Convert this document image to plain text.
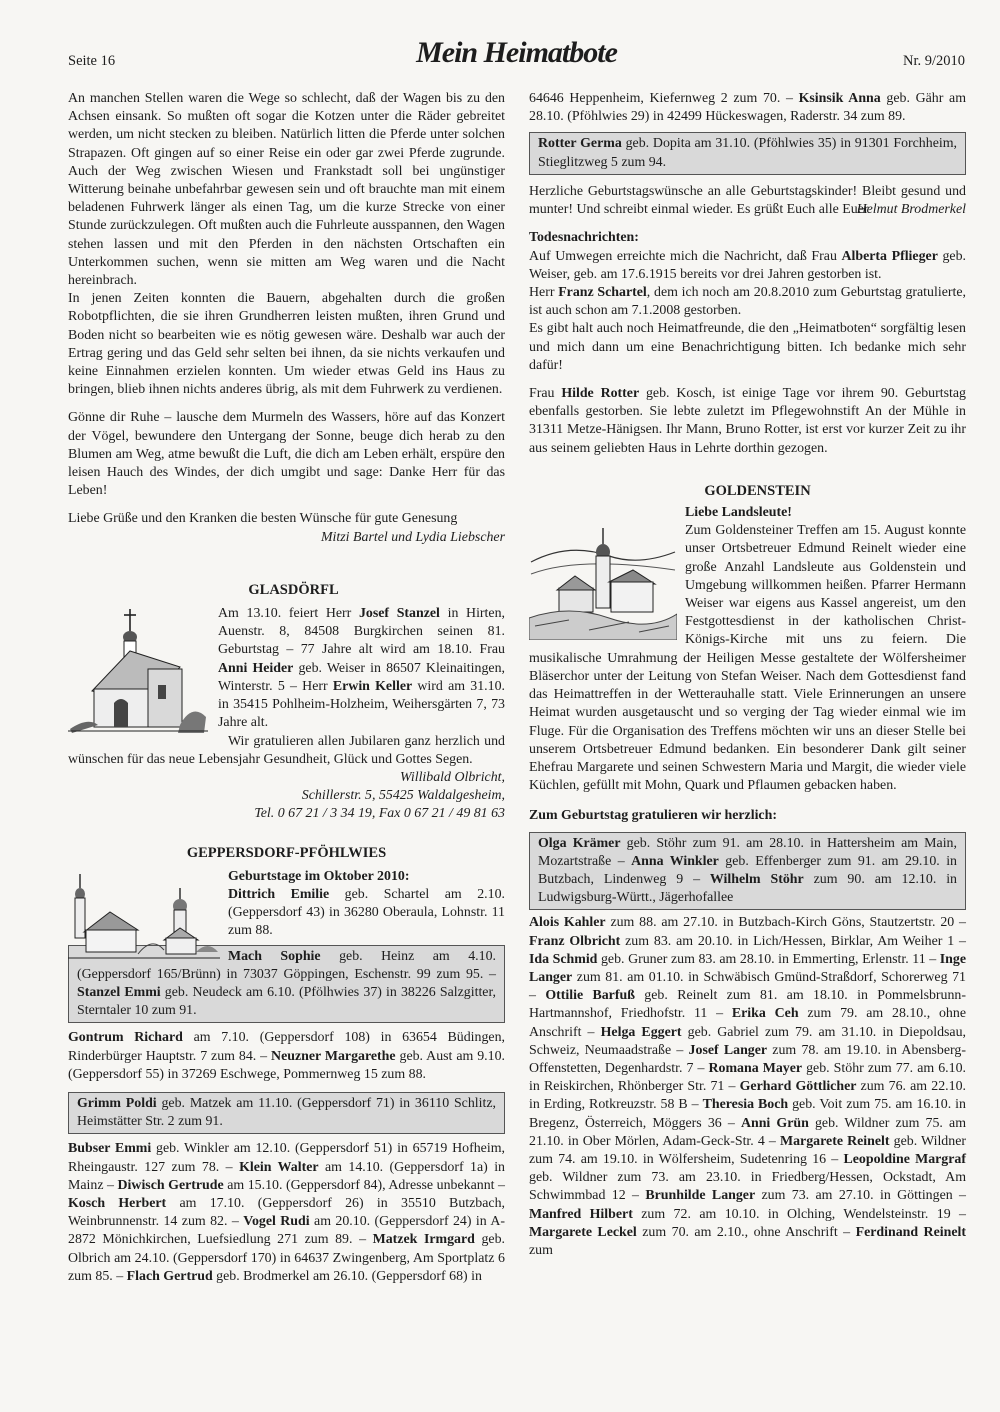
Seite 16	Mein Heimatbote	Nr. 9/2010

An manchen Stellen waren die Wege so schlecht, daß der Wagen bis zu den Achsen einsank. So mußten oft sogar die Kotzen unter die Räder gebreitet werden, um nicht stecken zu bleiben. Natürlich litten die Pferde unter solchen Strapazen. Oft gingen auf so einer Reise ein oder gar zwei Pferde zugrunde. Auch der Weg zwischen Wiesen und Frankstadt soll bei ungünstiger Witterung beinahe unbefahrbar gewesen sein und oft brauchte man mit einem beladenen Fuhrwerk länger als einen Tag, um die kurze Strecke von einer Stunde zurückzulegen. Oft mußten auch die Fuhrleute ausspannen, den Wagen stehen lassen und mit den Pferden in den nächsten Ortschaften ein Unterkommen suchen, wenn sie mitten am Weg waren und die Nacht hereinbrach.

In jenen Zeiten konnten die Bauern, abgehalten durch die großen Robotpflichten, die sie ihren Grundherren leisten mußten, ihren Grund und Boden nicht so bearbeiten wie es nötig gewesen wäre. Deshalb war auch der Ertrag gering und das Geld sehr selten bei ihnen, da sie nichts verkaufen und keine Einnahmen erzielen konnten. Um wieder etwas Geld ins Haus zu bringen, blieb ihnen nichts anderes übrig, als mit dem Fuhrwerk zu verdienen.

Gönne dir Ruhe – lausche dem Murmeln des Wassers, höre auf das Konzert der Vögel, bewundere den Untergang der Sonne, beuge dich herab zu den Blumen am Weg, atme bewußt die Luft, die dich am Leben erhält, erspüre den leisen Hauch des Windes, der dich umgibt und sage: Danke Herr für das Leben!

Liebe Grüße und den Kranken die besten Wünsche für gute Genesung

Mitzi Bartel und Lydia Liebscher

GLASDÖRFL

Am 13.10. feiert Herr Josef Stanzel in Hirten, Auenstr. 8, 84508 Burgkirchen seinen 81. Geburtstag – 77 Jahre alt wird am 18.10. Frau Anni Heider geb. Weiser in 86507 Kleinaitingen, Winterstr. 5 – Herr Erwin Keller wird am 31.10. in 35415 Pohlheim-Holzheim, Weihersgärten 7, 73 Jahre alt.

Wir gratulieren allen Jubilaren ganz herzlich und wünschen für das neue Lebensjahr Gesundheit, Glück und Gottes Segen.

Willibald Olbricht,

Schillerstr. 5, 55425 Waldalgesheim,

Tel. 0 67 21 / 3 34 19, Fax 0 67 21 / 49 81 63

GEPPERSDORF-PFÖHLWIES

Geburtstage im Oktober 2010:

Dittrich Emilie geb. Schartel am 2.10. (Geppersdorf 43) in 36280 Oberaula, Lohnstr. 11 zum 88.

Mach Sophie geb. Heinz am 4.10. (Geppersdorf 165/Brünn) in 73037 Göppingen, Eschenstr. 99 zum 95. – Stanzel Emmi geb. Neudeck am 6.10. (Pfölhwies 37) in 38226 Salzgitter, Sterntaler 10 zum 91.

Gontrum Richard am 7.10. (Geppersdorf 108) in 63654 Büdingen, Rinderbürger Hauptstr. 7 zum 84. – Neuzner Margarethe geb. Aust am 9.10. (Geppersdorf 55) in 37269 Eschwege, Pommernweg 15 zum 88.

Grimm Poldi geb. Matzek am 11.10. (Geppersdorf 71) in 36110 Schlitz, Heimstätter Str. 2 zum 91.

Bubser Emmi geb. Winkler am 12.10. (Geppersdorf 51) in 65719 Hofheim, Rheingaustr. 127 zum 78. – Klein Walter am 14.10. (Geppersdorf 1a) in Mainz – Diwisch Gertrude am 15.10. (Geppersdorf 84), Adresse unbekannt – Kosch Herbert am 17.10. (Geppersdorf 26) in 35510 Butzbach, Weinbrunnenstr. 14 zum 82. – Vogel Rudi am 20.10. (Geppersdorf 24) in A-2872 Mönichkirchen, Luefsiedlung 271 zum 89. – Matzek Irmgard geb. Olbrich am 24.10. (Geppersdorf 170) in 64637 Zwingenberg, Am Sportplatz 6 zum 85. – Flach Gertrud geb. Brodmerkel am 26.10. (Geppersdorf 68) in

64646 Heppenheim, Kiefernweg 2 zum 70. – Ksinsik Anna geb. Gähr am 28.10. (Pföhlwies 29) in 42499 Hückeswagen, Raderstr. 34 zum 89.

Rotter Germa geb. Dopita am 31.10. (Pföhlwies 35) in 91301 Forchheim, Stieglitzweg 5 zum 94.

Herzliche Geburtstagswünsche an alle Geburtstagskinder! Bleibt gesund und munter! Und schreibt einmal wieder. Es grüßt Euch alle Euer

Helmut Brodmerkel

Todesnachrichten:

Auf Umwegen erreichte mich die Nachricht, daß Frau Alberta Pflieger geb. Weiser, geb. am 17.6.1915 bereits vor drei Jahren gestorben ist.

Herr Franz Schartel, dem ich noch am 20.8.2010 zum Geburtstag gratulierte, ist auch schon am 7.1.2008 gestorben.

Es gibt halt auch noch Heimatfreunde, die den „Heimatboten“ sorgfältig lesen und mich dann um eine Benachrichtigung bitten. Ich bedanke mich sehr dafür!

Frau Hilde Rotter geb. Kosch, ist einige Tage vor ihrem 90. Geburtstag ebenfalls gestorben. Sie lebte zuletzt im Pflegewohnstift An der Mühle in 31311 Metze-Hänigsen. Ihr Mann, Bruno Rotter, ist erst vor kurzer Zeit zu ihr aus seinem geliebten Haus in Lehrte dorthin gezogen.

GOLDENSTEIN

Liebe Landsleute!

Zum Goldensteiner Treffen am 15. August konnte unser Ortsbetreuer Edmund Reinelt wieder eine große Anzahl Landsleute aus Goldenstein und Umgebung willkommen heißen. Pfarrer Hermann Weiser war eigens aus Kassel angereist, um den Festgottesdienst in der katholischen Christ-Königs-Kirche mit uns zu feiern. Die musikalische Umrahmung der Heiligen Messe gestaltete der Wölfersheimer Bläserchor unter der Leitung von Stefan Weiser. Nach dem Gottesdienst fand das Heimattreffen in der Wetterauhalle statt. Viele Erinnerungen an unsere Heimat wurden ausgetauscht und so verging der Tag wieder einmal wie im Fluge. Für die Organisation des Treffens möchten wir uns an dieser Stelle bei unserem Ortsbetreuer Edmund bedanken. Ein besonderer Dank gilt seiner Ehefrau Margarete und seinen Schwestern Maria und Margit, die wieder viele Küchlen, gefüllt mit Mohn, Quark und Pflaumen gebacken haben.

Zum Geburtstag gratulieren wir herzlich:

Olga Krämer geb. Stöhr zum 91. am 28.10. in Hattersheim am Main, Mozartstraße – Anna Winkler geb. Effenberger zum 91. am 29.10. in Butzbach, Lindenweg 9 – Wilhelm Stöhr zum 90. am 12.10. in Ludwigsburg-Württ., Jägerhofallee

Alois Kahler zum 88. am 27.10. in Butzbach-Kirch Göns, Stautzertstr. 20 – Franz Olbricht zum 83. am 20.10. in Lich/Hessen, Birklar, Am Weiher 1 – Ida Schmid geb. Gruner zum 83. am 28.10. in Emmerting, Erlenstr. 11 – Inge Langer zum 81. am 01.10. in Schwäbisch Gmünd-Straßdorf, Schorerweg 71 – Ottilie Barfuß geb. Reinelt zum 81. am 18.10. in Pommelsbrunn-Hartmannshof, Friedhofstr. 11 – Erika Ceh zum 79. am 28.10., ohne Anschrift – Helga Eggert geb. Gabriel zum 79. am 31.10. in Diepoldsau, Schweiz, Neumaadstraße – Josef Langer zum 78. am 19.10. in Abensberg-Offenstetten, Degenhardstr. 7 – Romana Mayer geb. Stöhr zum 77. am 6.10. in Reiskirchen, Rhönberger Str. 71 – Gerhard Göttlicher zum 76. am 22.10. in Erding, Rotkreuzstr. 58 B – Theresia Boch geb. Voit zum 75. am 16.10. in Bregenz, Österreich, Möggers 36 – Anni Grün geb. Wildner zum 75. am 21.10. in Ober Mörlen, Adam-Geck-Str. 4 – Margarete Reinelt geb. Wildner zum 74. am 19.10. in Wölfersheim, Sudetenring 16 – Leopoldine Margraf geb. Wildner zum 73. am 23.10. in Friedberg/Hessen, Ockstadt, Am Schwimmbad 12 – Brunhilde Langer zum 73. am 27.10. in Göttingen – Manfred Hilbert zum 72. am 10.10. in Olching, Wendelsteinstr. 19 – Margarete Leckel zum 70. am 2.10., ohne Anschrift – Ferdinand Reinelt zum
